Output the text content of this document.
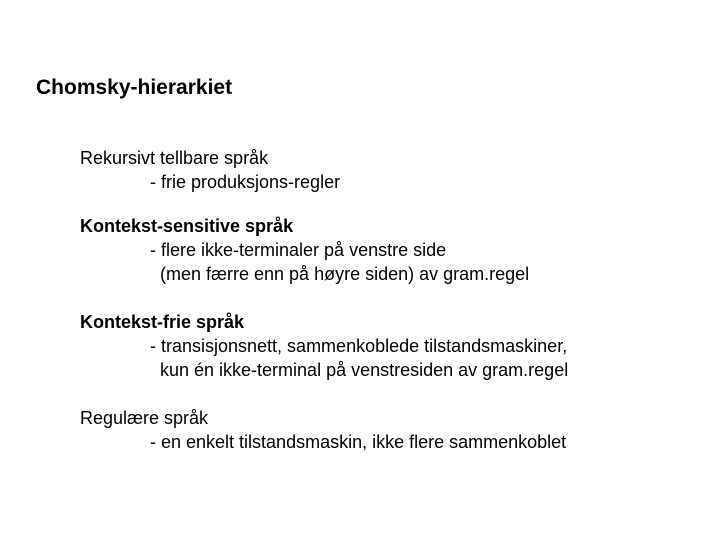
Chomsky-hierarkiet
Rekursivt tellbare språk
- frie produksjons-regler
Kontekst-sensitive språk
- flere ikke-terminaler på venstre side
(men færre enn på høyre siden) av gram.regel
Kontekst-frie språk
- transisjonsnett, sammenkoblede tilstandsmaskiner,
kun én ikke-terminal på venstresiden av gram.regel
Regulære språk
- en enkelt tilstandsmaskin, ikke flere sammenkoblet
